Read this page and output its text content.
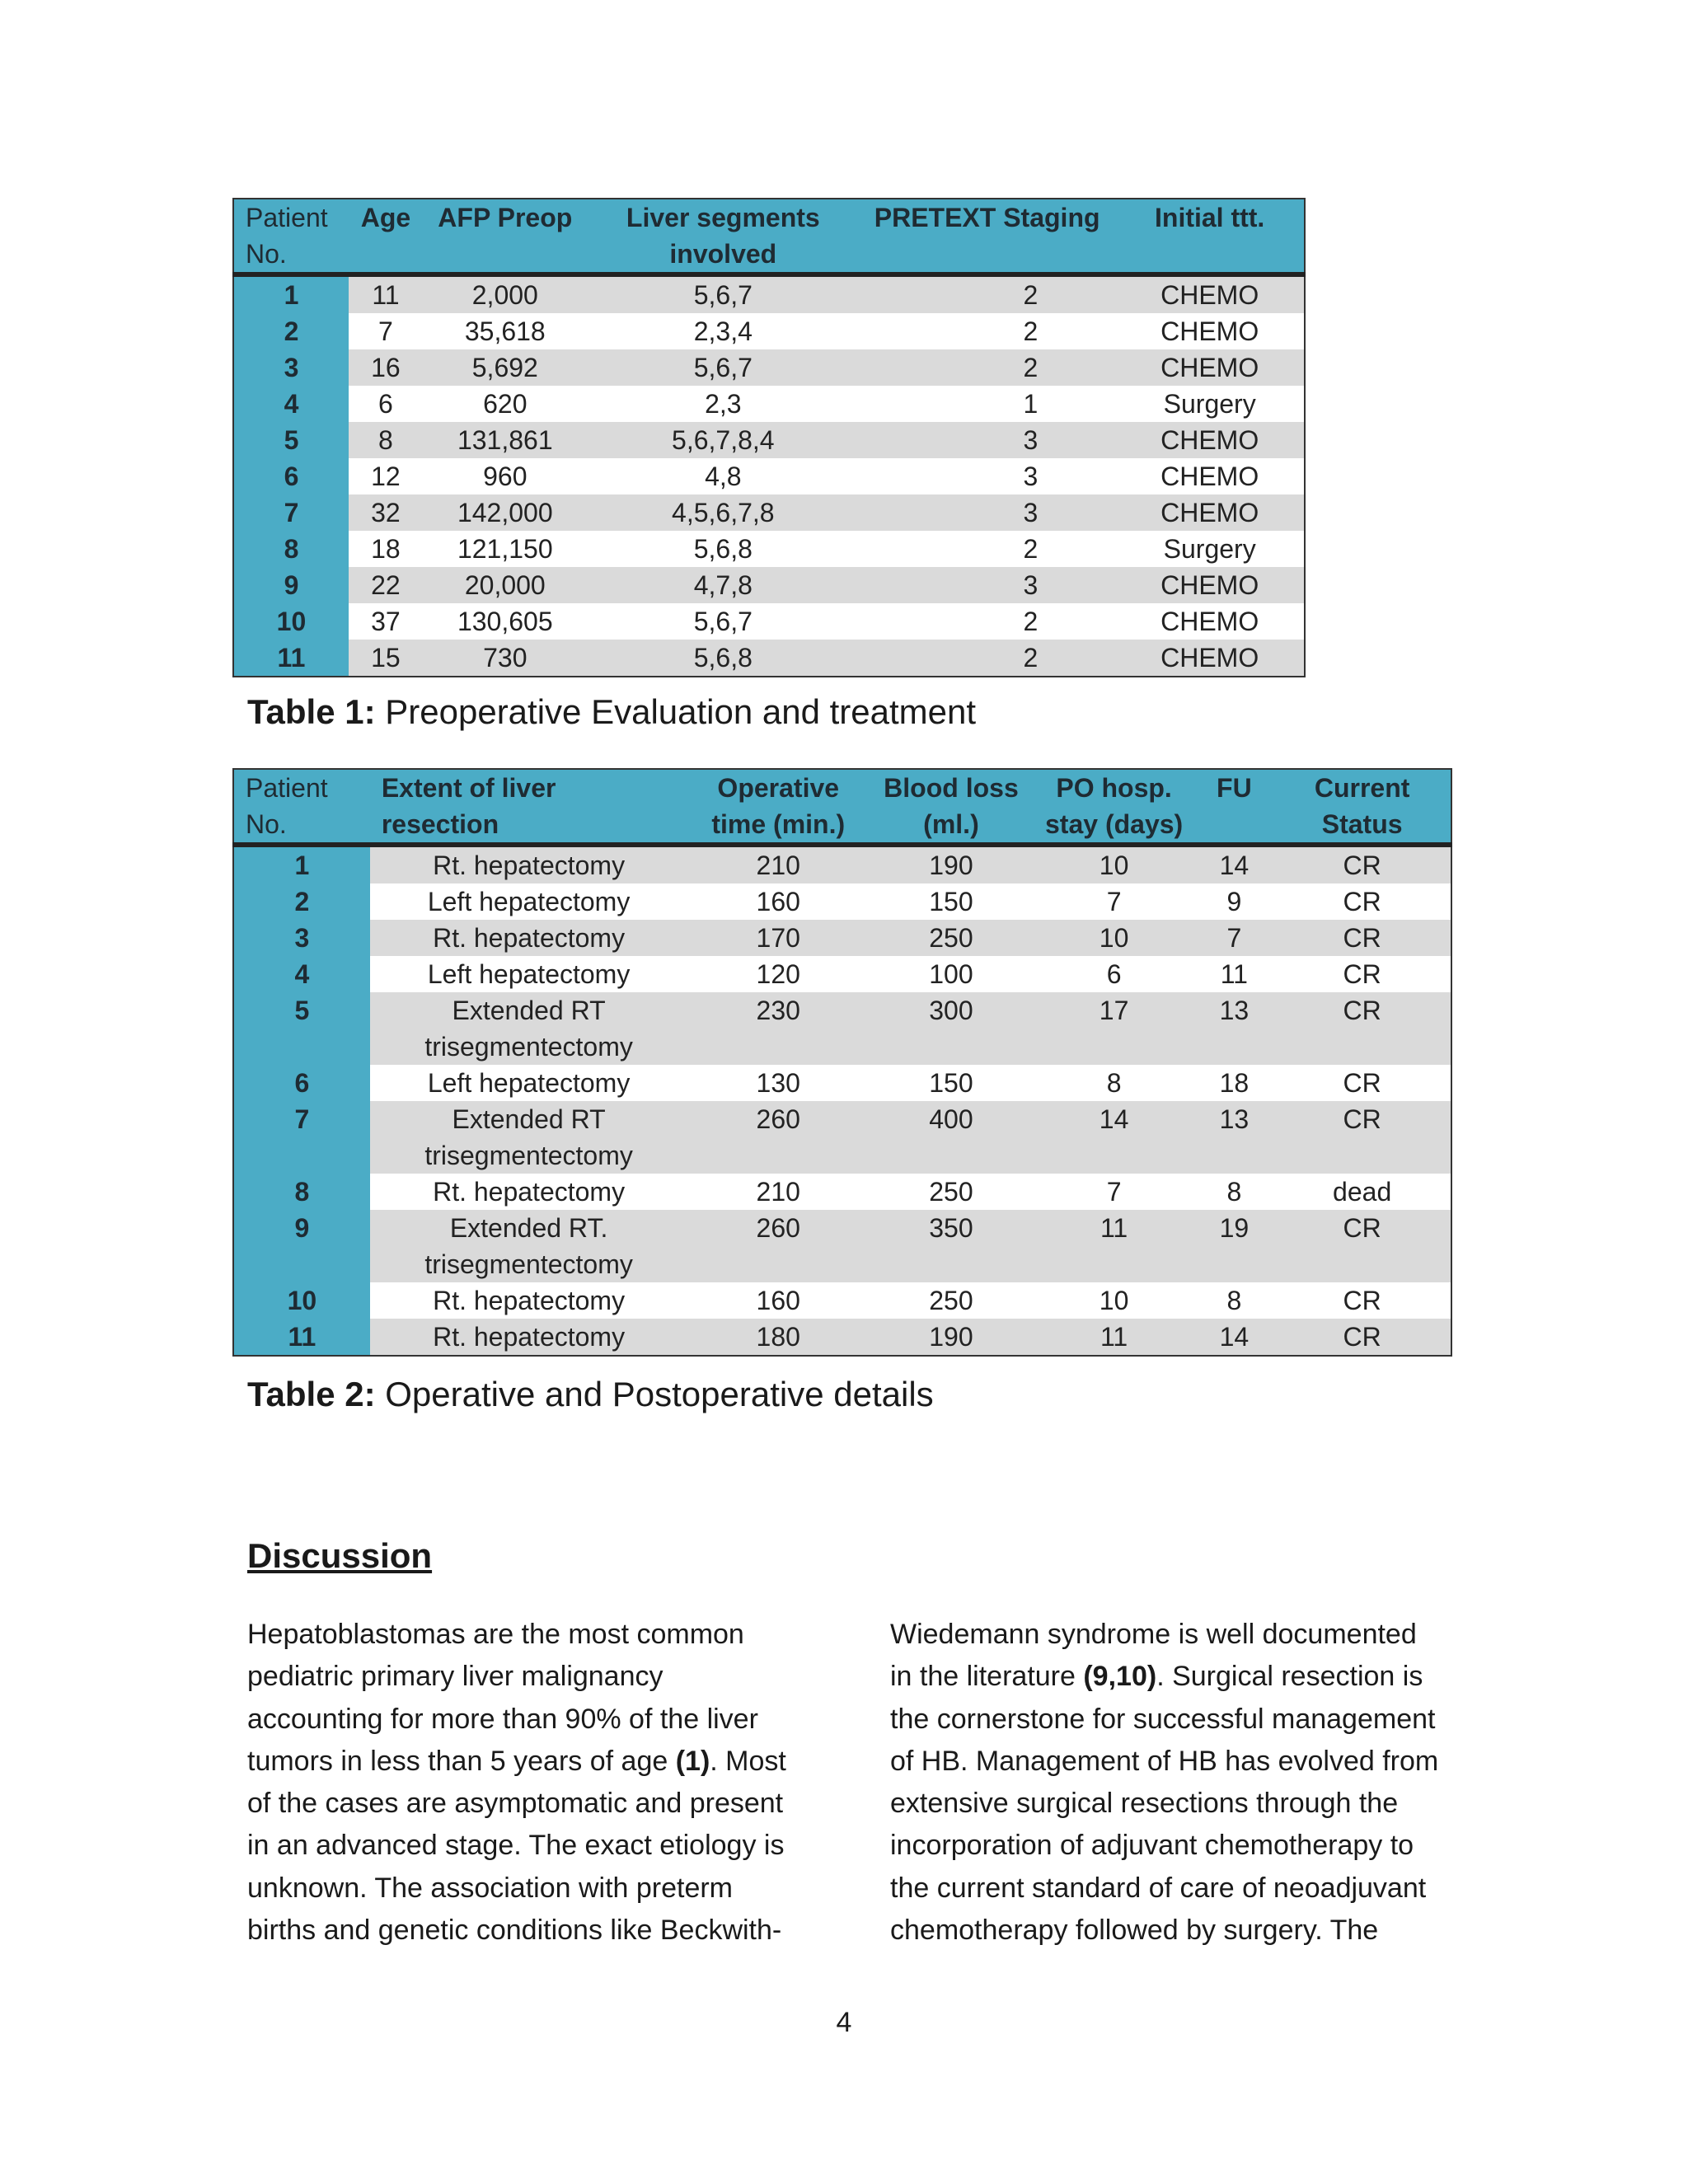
Patient No.	Age	AFP Preop	Liver segments involved	PRETEXT Staging	Initial ttt.
1	11	2,000	5,6,7	2	CHEMO
2	7	35,618	2,3,4	2	CHEMO
3	16	5,692	5,6,7	2	CHEMO
4	6	620	2,3	1	Surgery
5	8	131,861	5,6,7,8,4	3	CHEMO
6	12	960	4,8	3	CHEMO
7	32	142,000	4,5,6,7,8	3	CHEMO
8	18	121,150	5,6,8	2	Surgery
9	22	20,000	4,7,8	3	CHEMO
10	37	130,605	5,6,7	2	CHEMO
11	15	730	5,6,8	2	CHEMO
Table 1: Preoperative Evaluation and treatment
Patient No.	Extent of liver resection	Operative time (min.)	Blood loss (ml.)	PO hosp. stay (days)	FU	Current Status
1	Rt. hepatectomy	210	190	10	14	CR
2	Left hepatectomy	160	150	7	9	CR
3	Rt. hepatectomy	170	250	10	7	CR
4	Left hepatectomy	120	100	6	11	CR
5	Extended RT trisegmentectomy	230	300	17	13	CR
6	Left hepatectomy	130	150	8	18	CR
7	Extended RT trisegmentectomy	260	400	14	13	CR
8	Rt. hepatectomy	210	250	7	8	dead
9	Extended RT. trisegmentectomy	260	350	11	19	CR
10	Rt. hepatectomy	160	250	10	8	CR
11	Rt. hepatectomy	180	190	11	14	CR
Table 2: Operative and Postoperative details
Discussion
Hepatoblastomas are the most common
pediatric primary liver malignancy
accounting for more than 90% of the liver
tumors in less than 5 years of age (1). Most
of the cases are asymptomatic and present
in an advanced stage. The exact etiology is
unknown. The association with preterm
births and genetic conditions like Beckwith-
Wiedemann syndrome is well documented
in the literature (9,10). Surgical resection is
the cornerstone for successful management
of HB. Management of HB has evolved from
extensive surgical resections through the
incorporation of adjuvant chemotherapy to
the current standard of care of neoadjuvant
chemotherapy followed by surgery. The
4
